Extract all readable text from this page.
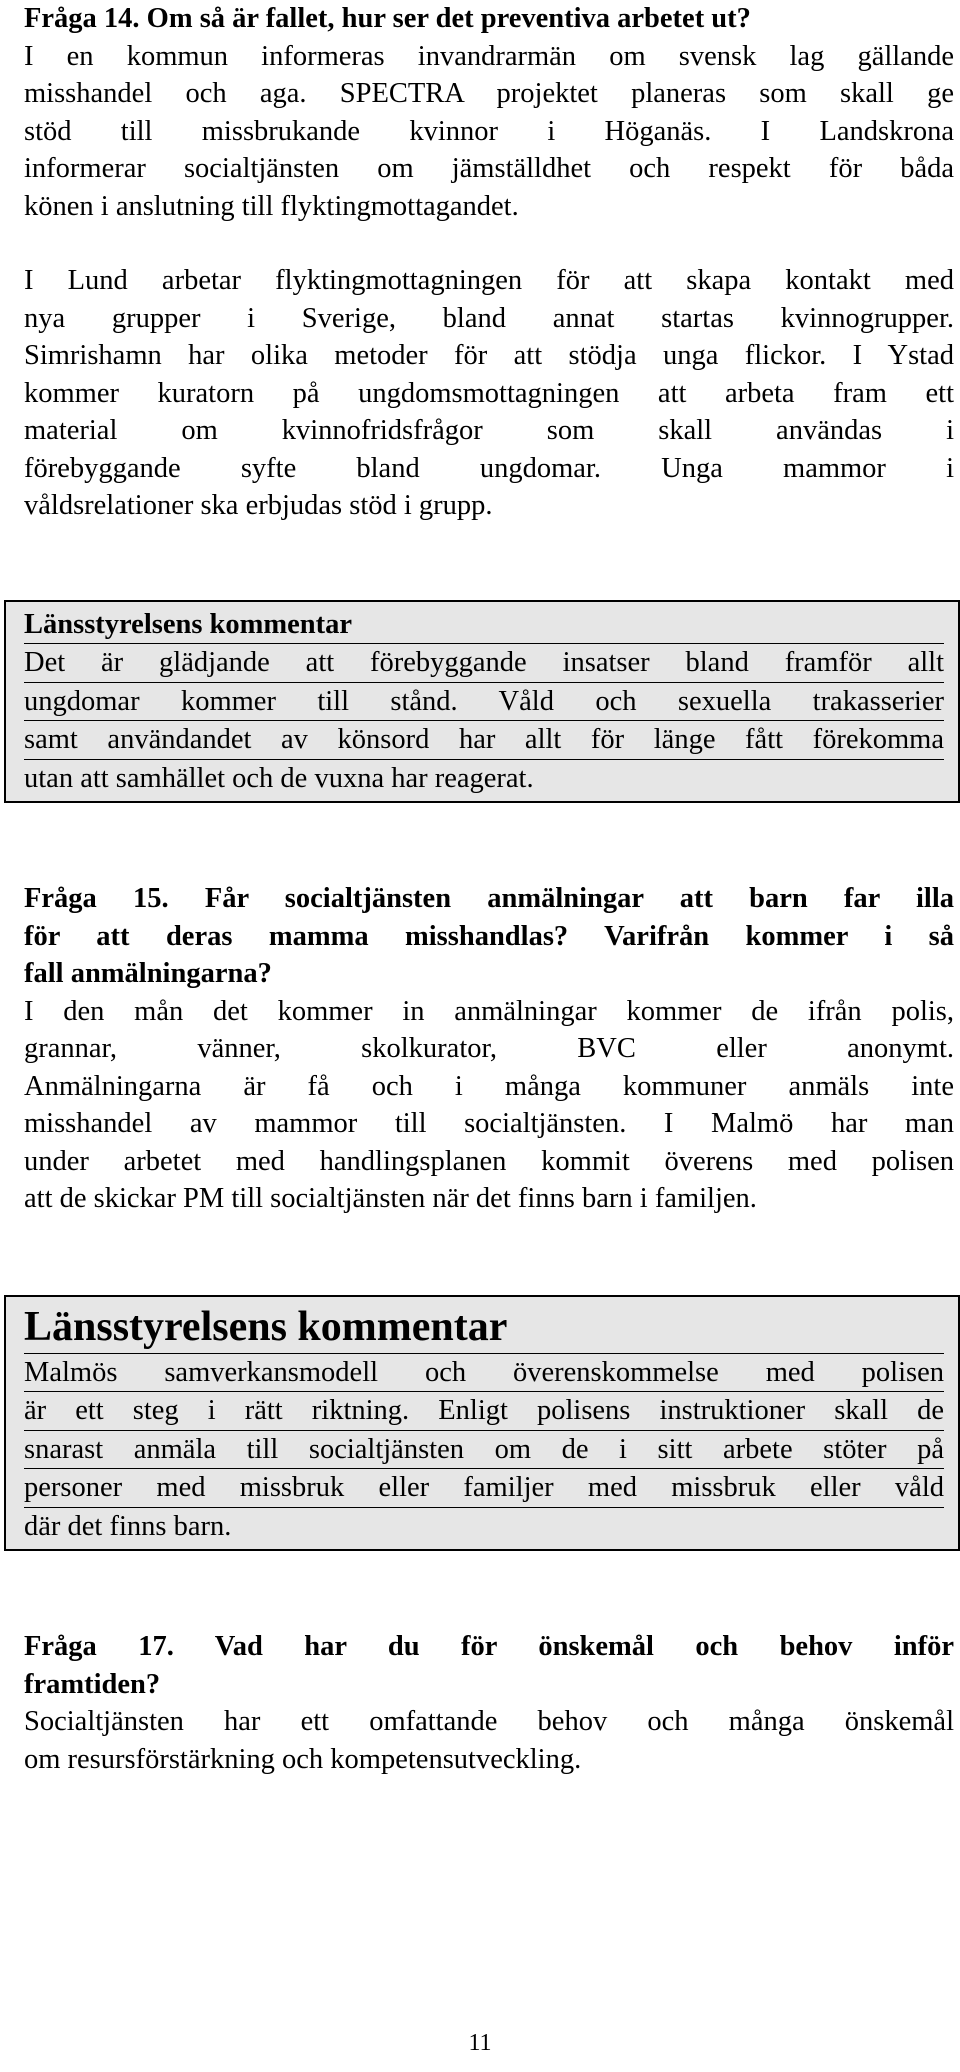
Fråga 14. Om så är fallet, hur ser det preventiva arbetet ut?

I en kommun informeras invandrarmän om svensk lag gällande
misshandel och aga. SPECTRA projektet planeras som skall ge
stöd till missbrukande kvinnor i Höganäs. I Landskrona
informerar socialtjänsten om jämställdhet och respekt för båda
könen i anslutning till flyktingmottagandet.

I Lund arbetar flyktingmottagningen för att skapa kontakt med
nya grupper i Sverige, bland annat startas kvinnogrupper.
Simrishamn har olika metoder för att stödja unga flickor. I Ystad
kommer kuratorn på ungdomsmottagningen att arbeta fram ett
material om kvinnofridsfrågor som skall användas i
förebyggande syfte bland ungdomar. Unga mammor i
våldsrelationer ska erbjudas stöd i grupp.

Länsstyrelsens kommentar
Det är glädjande att förebyggande insatser bland framför allt
ungdomar kommer till stånd. Våld och sexuella trakasserier
samt användandet av könsord har allt för länge fått förekomma
utan att samhället och de vuxna har reagerat.

Fråga 15. Får socialtjänsten anmälningar att barn far illa
för att deras mamma misshandlas? Varifrån kommer i så
fall anmälningarna?

I den mån det kommer in anmälningar kommer de ifrån polis,
grannar, vänner, skolkurator, BVC eller anonymt.
Anmälningarna är få och i många kommuner anmäls inte
misshandel av mammor till socialtjänsten. I Malmö har man
under arbetet med handlingsplanen kommit överens med polisen
att de skickar PM till socialtjänsten när det finns barn i familjen.

Länsstyrelsens kommentar
Malmös samverkansmodell och överenskommelse med polisen
är ett steg i rätt riktning. Enligt polisens instruktioner skall de
snarast anmäla till socialtjänsten om de i sitt arbete stöter på
personer med missbruk eller familjer med missbruk eller våld
där det finns barn.

Fråga 17. Vad har du för önskemål och behov inför
framtiden?

Socialtjänsten har ett omfattande behov och många önskemål
om resursförstärkning och kompetensutveckling.

11
